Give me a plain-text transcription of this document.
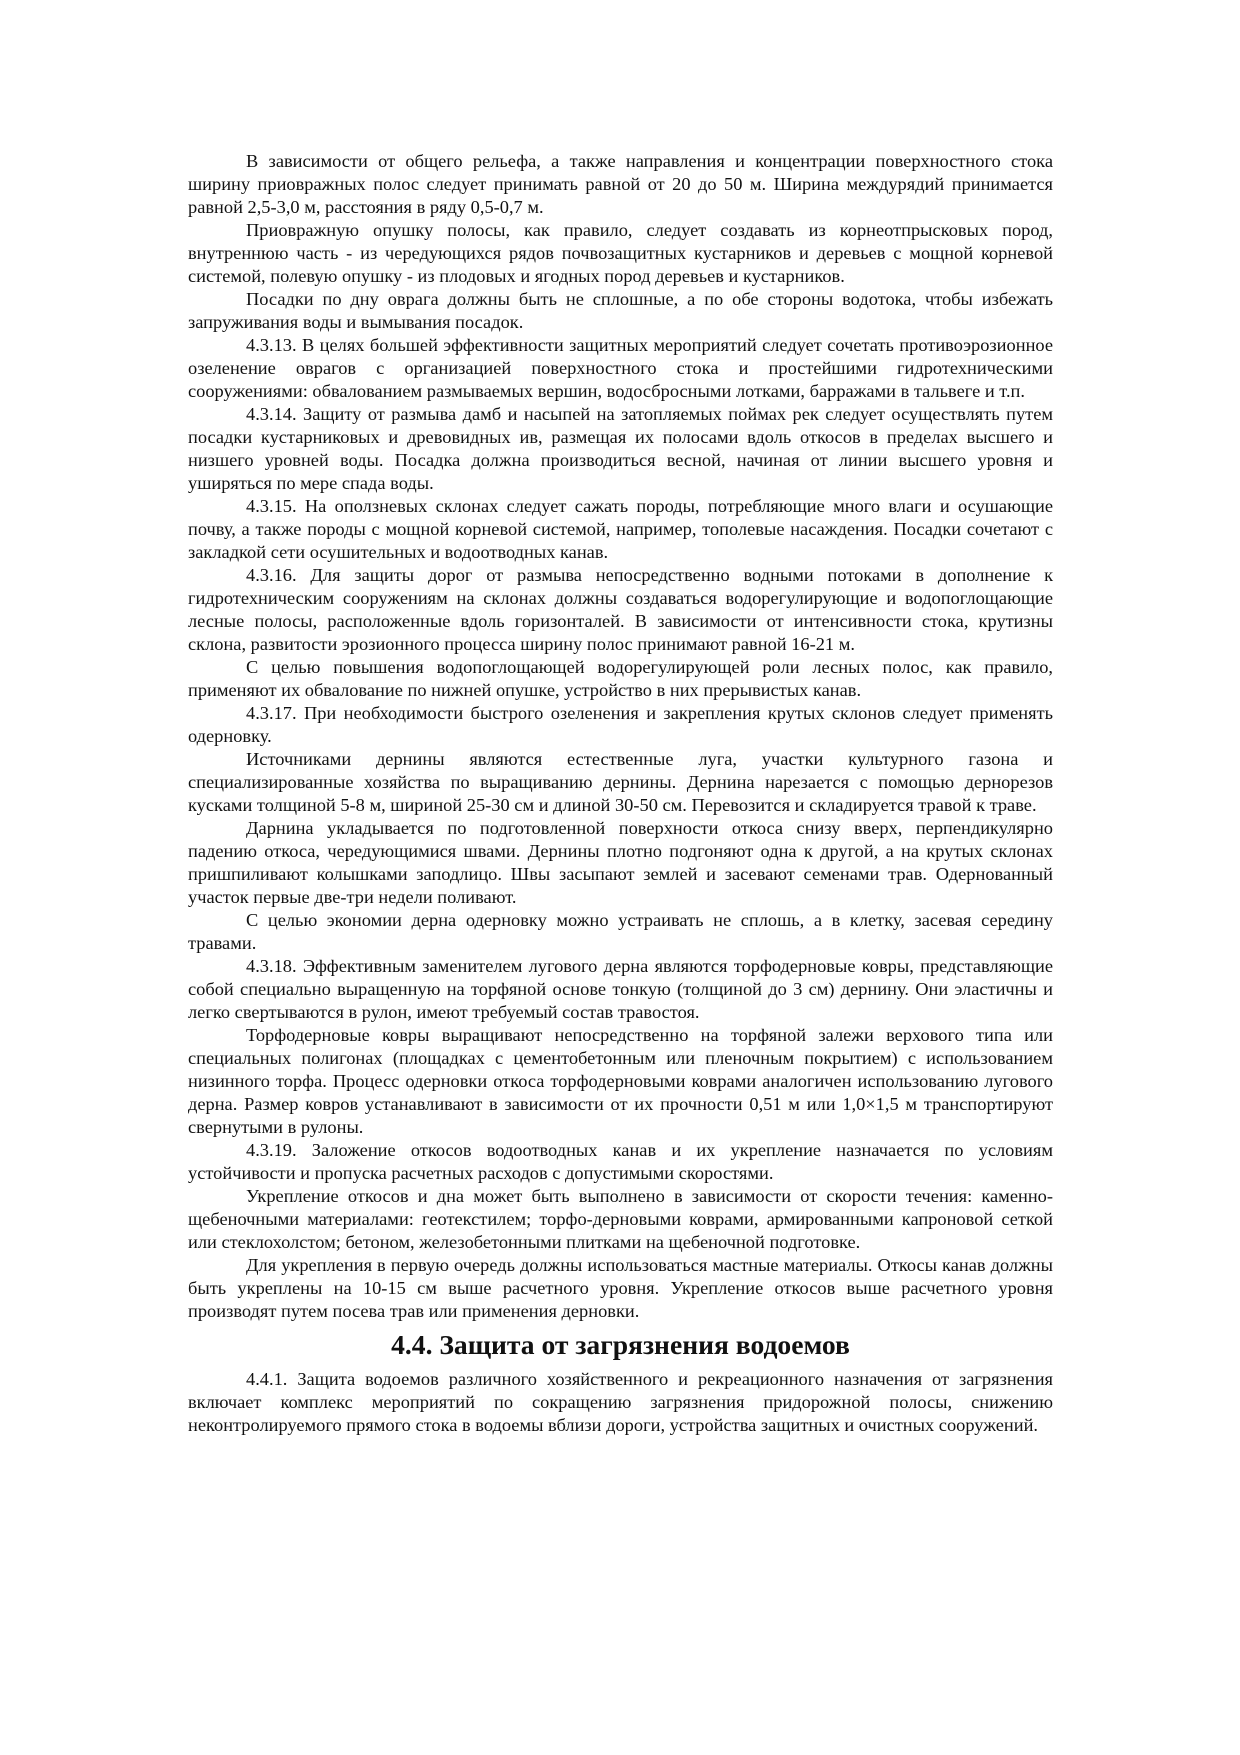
В зависимости от общего рельефа, а также направления и концентрации поверхностного стока ширину приовражных полос следует принимать равной от 20 до 50 м. Ширина междурядий принимается равной 2,5-3,0 м, расстояния в ряду 0,5-0,7 м.

Приовражную опушку полосы, как правило, следует создавать из корнеотпрысковых пород, внутреннюю часть - из чередующихся рядов почвозащитных кустарников и деревьев с мощной корневой системой, полевую опушку - из плодовых и ягодных пород деревьев и кустарников.

Посадки по дну оврага должны быть не сплошные, а по обе стороны водотока, чтобы избежать запруживания воды и вымывания посадок.

4.3.13. В целях большей эффективности защитных мероприятий следует сочетать противоэрозионное озеленение оврагов с организацией поверхностного стока и простейшими гидротехническими сооружениями: обвалованием размываемых вершин, водосбросными лотками, барражами в тальвеге и т.п.

4.3.14. Защиту от размыва дамб и насыпей на затопляемых поймах рек следует осуществлять путем посадки кустарниковых и древовидных ив, размещая их полосами вдоль откосов в пределах высшего и низшего уровней воды. Посадка должна производиться весной, начиная от линии высшего уровня и уширяться по мере спада воды.

4.3.15. На оползневых склонах следует сажать породы, потребляющие много влаги и осушающие почву, а также породы с мощной корневой системой, например, тополевые насаждения. Посадки сочетают с закладкой сети осушительных и водоотводных канав.

4.3.16. Для защиты дорог от размыва непосредственно водными потоками в дополнение к гидротехническим сооружениям на склонах должны создаваться водорегулирующие и водопоглощающие лесные полосы, расположенные вдоль горизонталей. В зависимости от интенсивности стока, крутизны склона, развитости эрозионного процесса ширину полос принимают равной 16-21 м.

С целью повышения водопоглощающей водорегулирующей роли лесных полос, как правило, применяют их обвалование по нижней опушке, устройство в них прерывистых канав.

4.3.17. При необходимости быстрого озеленения и закрепления крутых склонов следует применять одерновку.

Источниками дернины являются естественные луга, участки культурного газона и специализированные хозяйства по выращиванию дернины. Дернина нарезается с помощью дернорезов кусками толщиной 5-8 м, шириной 25-30 см и длиной 30-50 см. Перевозится и складируется травой к траве.

Дарнина укладывается по подготовленной поверхности откоса снизу вверх, перпендикулярно падению откоса, чередующимися швами. Дернины плотно подгоняют одна к другой, а на крутых склонах пришпиливают колышками заподлицо. Швы засыпают землей и засевают семенами трав. Одернованный участок первые две-три недели поливают.

С целью экономии дерна одерновку можно устраивать не сплошь, а в клетку, засевая середину травами.

4.3.18. Эффективным заменителем лугового дерна являются торфодерновые ковры, представляющие собой специально выращенную на торфяной основе тонкую (толщиной до 3 см) дернину. Они эластичны и легко свертываются в рулон, имеют требуемый состав травостоя.

Торфодерновые ковры выращивают непосредственно на торфяной залежи верхового типа или специальных полигонах (площадках с цементобетонным или пленочным покрытием) с использованием низинного торфа. Процесс одерновки откоса торфодерновыми коврами аналогичен использованию лугового дерна. Размер ковров устанавливают в зависимости от их прочности 0,51 м или 1,0×1,5 м транспортируют свернутыми в рулоны.

4.3.19. Заложение откосов водоотводных канав и их укрепление назначается по условиям устойчивости и пропуска расчетных расходов с допустимыми скоростями.

Укрепление откосов и дна может быть выполнено в зависимости от скорости течения: каменно-щебеночными материалами: геотекстилем; торфо-дерновыми коврами, армированными капроновой сеткой или стеклохолстом; бетоном, железобетонными плитками на щебеночной подготовке.

Для укрепления в первую очередь должны использоваться мастные материалы. Откосы канав должны быть укреплены на 10-15 см выше расчетного уровня. Укрепление откосов выше расчетного уровня производят путем посева трав или применения дерновки.

4.4. Защита от загрязнения водоемов

4.4.1. Защита водоемов различного хозяйственного и рекреационного назначения от загрязнения включает комплекс мероприятий по сокращению загрязнения придорожной полосы, снижению неконтролируемого прямого стока в водоемы вблизи дороги, устройства защитных и очистных сооружений.
